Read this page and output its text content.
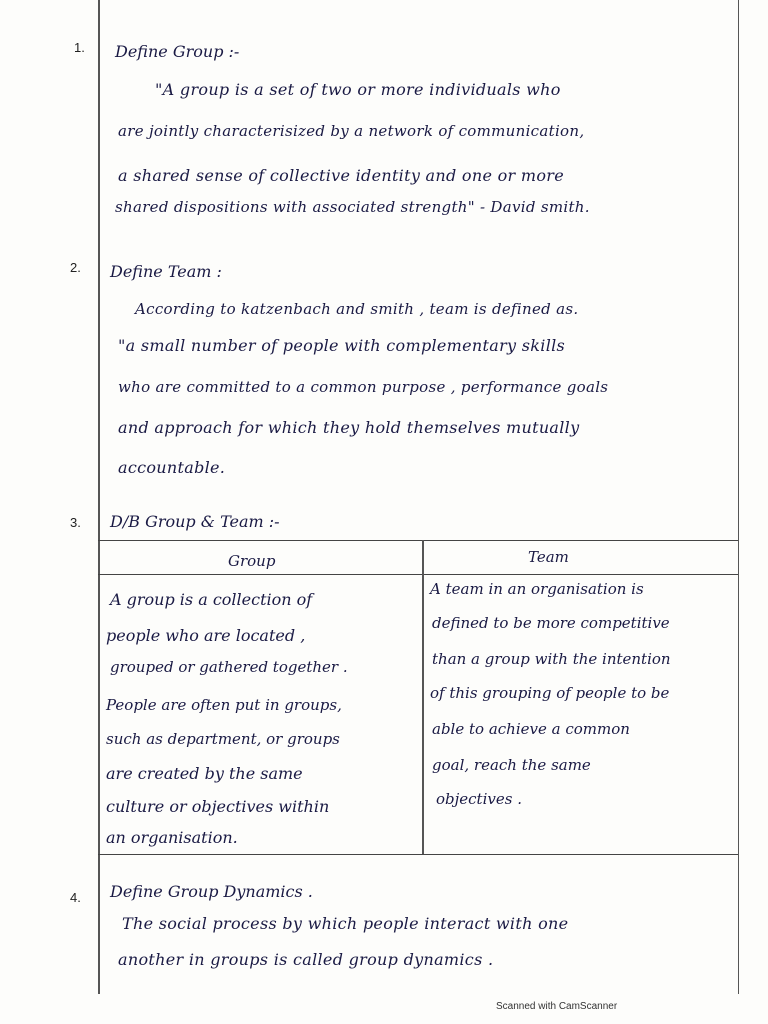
1. Define Group :-
"A group is a set of two or more individuals who
are jointly characterisized by a network of communication,
a shared sense of collective identity and one or more
shared dispositions with associated strength" - David smith.
2. Define Team :
According to katzenbach and smith , team is defined as.
"a small number of people with complementary skills
who are committed to a common purpose , performance goals
and approach for which they hold themselves mutually
accountable.
3. D/B Group & Team :-
Group	Team
A group is a collection of
people who are located ,
grouped or gathered together .
People are often put in groups,
such as department, or groups
are created by the same
culture or objectives within
an organisation.
A team in an organisation is
defined to be more competitive
than a group with the intention
of this grouping of people to be
able to achieve a common
goal, reach the same
objectives .
4. Define Group Dynamics .
The social process by which people interact with one
another in groups is called group dynamics .
Scanned with CamScanner
